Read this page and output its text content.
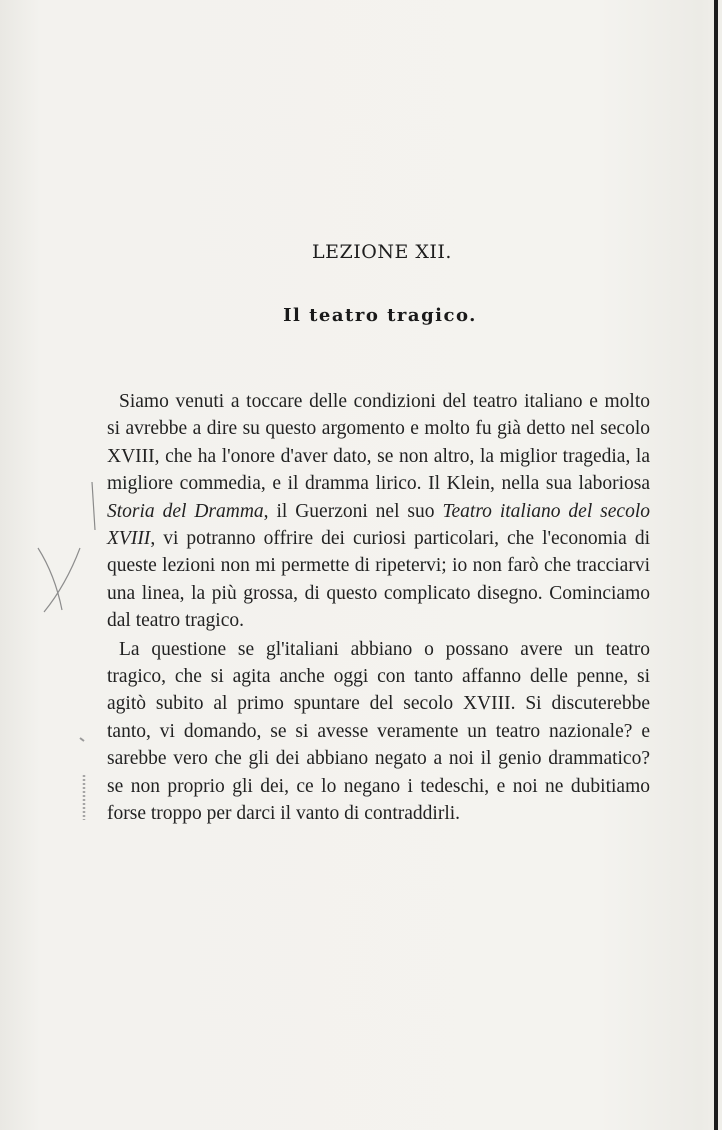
LEZIONE XII.
Il teatro tragico.

Siamo venuti a toccare delle condizioni del teatro italiano e molto si avrebbe a dire su questo argomento e molto fu già detto nel secolo XVIII, che ha l'onore d'aver dato, se non altro, la miglior tragedia, la migliore commedia, e il dramma lirico. Il Klein, nella sua laboriosa Storia del Dramma, il Guerzoni nel suo Teatro italiano del secolo XVIII, vi potranno offrire dei curiosi particolari, che l'economia di queste lezioni non mi permette di ripetervi; io non farò che tracciarvi una linea, la più grossa, di questo complicato disegno. Cominciamo dal teatro tragico.

La questione se gl'italiani abbiano o possano avere un teatro tragico, che si agita anche oggi con tanto affanno delle penne, si agitò subito al primo spuntare del secolo XVIII. Si discuterebbe tanto, vi domando, se si avesse veramente un teatro nazionale? e sarebbe vero che gli dei abbiano negato a noi il genio drammatico? se non proprio gli dei, ce lo negano i tedeschi, e noi ne dubitiamo forse troppo per darci il vanto di contraddirli.
